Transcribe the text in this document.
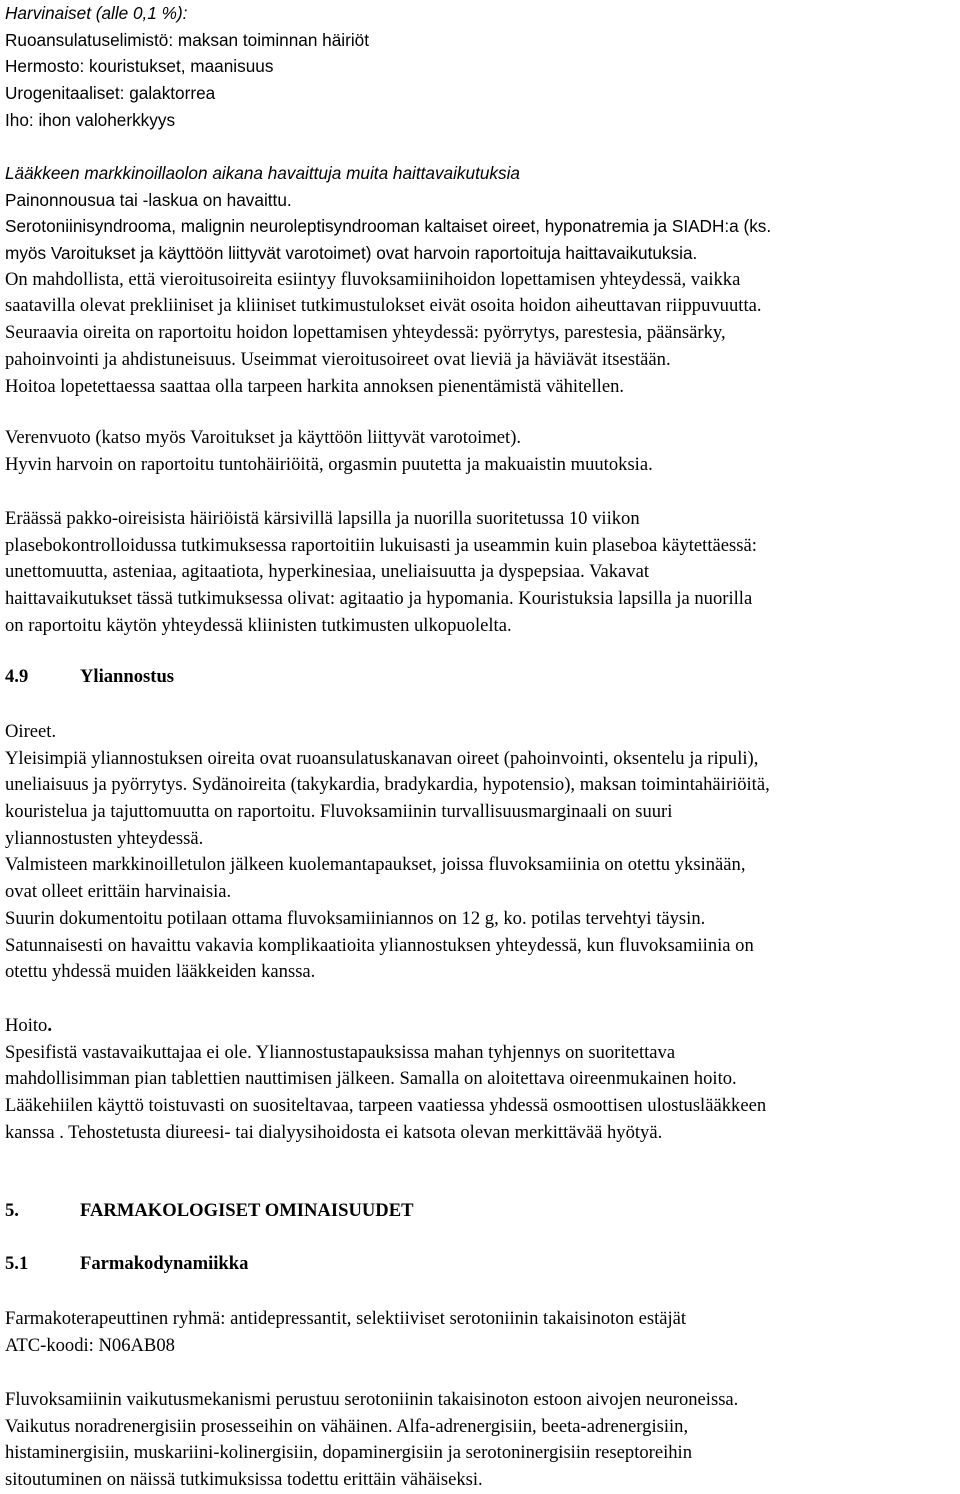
Harvinaiset (alle 0,1 %):
Ruoansulatuselimistö: maksan toiminnan häiriöt
Hermosto: kouristukset, maanisuus
Urogenitaaliset: galaktorrea
Iho: ihon valoherkkyys
Lääkkeen markkinoillaolon aikana havaittuja muita haittavaikutuksia
Painonnousua tai -laskua on havaittu.
Serotoniinisyndrooma, malignin neuroleptisyndrooman kaltaiset oireet, hyponatremia ja SIADH:a (ks.
myös Varoitukset ja käyttöön liittyvät varotoimet) ovat harvoin raportoituja haittavaikutuksia.
On mahdollista, että vieroitusoireita esiintyy fluvoksamiinihoidon lopettamisen yhteydessä, vaikka
saatavilla olevat prekliiniset ja kliiniset tutkimustulokset eivät osoita hoidon aiheuttavan riippuvuutta.
Seuraavia oireita on raportoitu hoidon lopettamisen yhteydessä: pyörrytys, parestesia, päänsärky,
pahoinvointi ja ahdistuneisuus. Useimmat vieroitusoireet ovat lieviä ja häviävät itsestään.
Hoitoa lopetettaessa saattaa olla tarpeen harkita annoksen pienentämistä vähitellen.
Verenvuoto (katso myös Varoitukset ja käyttöön liittyvät varotoimet).
Hyvin harvoin on raportoitu tuntohäiriöitä, orgasmin puutetta ja makuaistin muutoksia.
Eräässä pakko-oireisista häiriöistä kärsivillä lapsilla ja nuorilla suoritetussa 10 viikon
plasebokontrolloidussa tutkimuksessa raportoitiin lukuisasti ja useammin kuin plaseboa käytettäessä:
unettomuutta, asteniaa, agitaatiota, hyperkinesiaa, uneliaisuutta ja dyspepsiaa. Vakavat
haittavaikutukset tässä tutkimuksessa olivat: agitaatio ja hypomania. Kouristuksia lapsilla ja nuorilla
on raportoitu käytön yhteydessä kliinisten tutkimusten ulkopuolelta.
4.9	Yliannostus
Oireet.
Yleisimpiä yliannostuksen oireita ovat ruoansulatuskanavan oireet (pahoinvointi, oksentelu ja ripuli),
uneliaisuus ja pyörrytys. Sydänoireita (takykardia, bradykardia, hypotensio), maksan toimintahäiriöitä,
kouristelua ja tajuttomuutta on raportoitu. Fluvoksamiinin turvallisuusmarginaali on suuri
yliannostusten yhteydessä.
Valmisteen markkinoilletulon jälkeen kuolemantapaukset, joissa fluvoksamiinia on otettu yksinään,
ovat olleet erittäin harvinaisia.
Suurin dokumentoitu potilaan ottama fluvoksamiiniannos on 12 g, ko. potilas tervehtyi täysin.
Satunnaisesti on havaittu vakavia komplikaatioita yliannostuksen yhteydessä, kun fluvoksamiinia on
otettu yhdessä muiden lääkkeiden kanssa.
Hoito.
Spesifistä vastavaikuttajaa ei ole. Yliannostustapauksissa mahan tyhjennys on suoritettava
mahdollisimman pian tablettien nauttimisen jälkeen. Samalla on aloitettava oireenmukainen hoito.
Lääkehiilen käyttö toistuvasti on suositeltavaa, tarpeen vaatiessa yhdessä osmoottisen ulostuslääkkeen
kanssa . Tehostetusta diureesi- tai dialyysihoidosta ei katsota olevan merkittävää hyötyä.
5.	FARMAKOLOGISET OMINAISUUDET
5.1	Farmakodynamiikka
Farmakoterapeuttinen ryhmä: antidepressantit, selektiiviset serotoniinin takaisinoton estäjät
ATC-koodi: N06AB08
Fluvoksamiinin vaikutusmekanismi perustuu serotoniinin takaisinoton estoon aivojen neuroneissa.
Vaikutus noradrenergisiin prosesseihin on vähäinen. Alfa-adrenergisiin, beeta-adrenergisiin,
histaminergisiin, muskariini-kolinergisiin, dopaminergisiin ja serotoninergisiin reseptoreihin
sitoutuminen on näissä tutkimuksissa todettu erittäin vähäiseksi.
